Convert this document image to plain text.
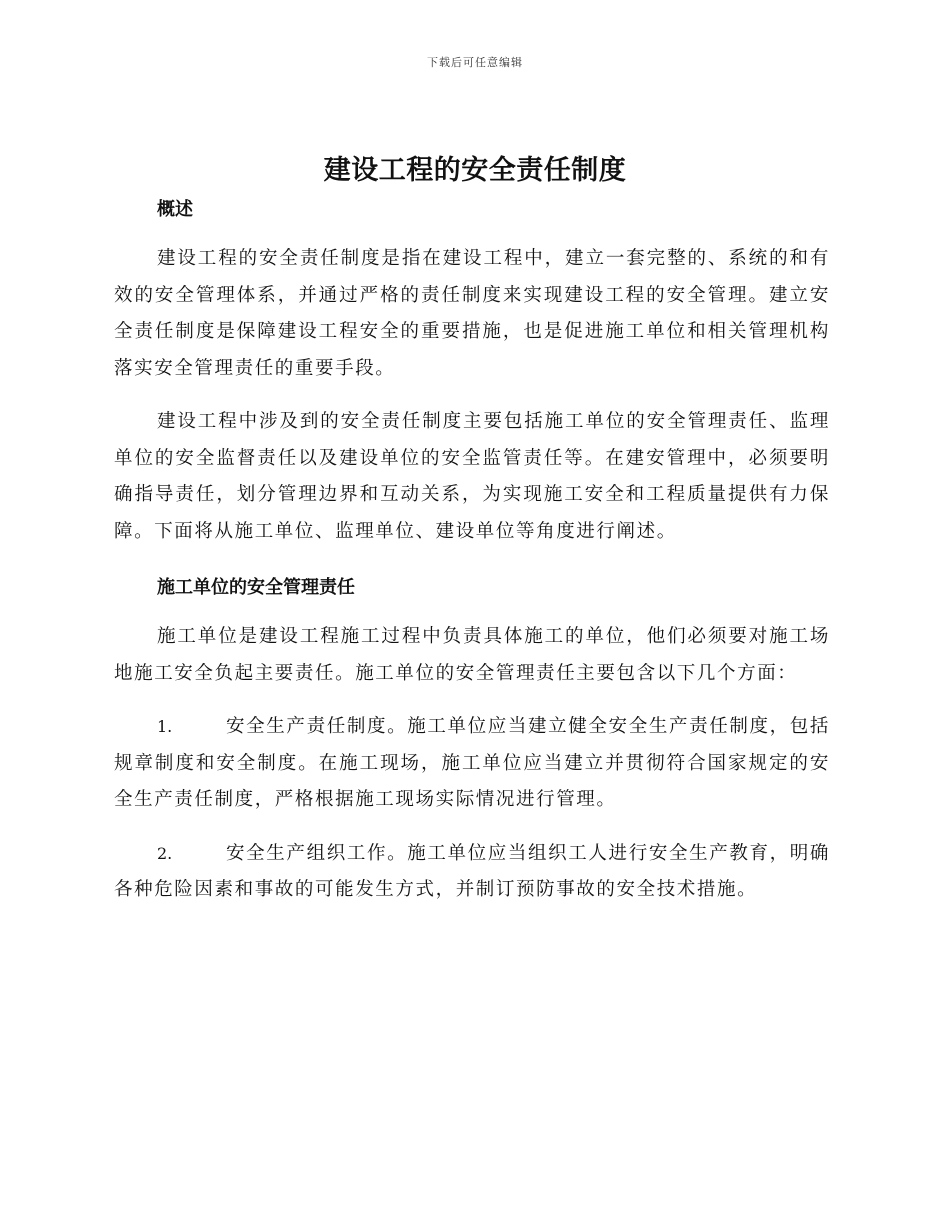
下载后可任意编辑
建设工程的安全责任制度
概述

建设工程的安全责任制度是指在建设工程中，建立一套完整的、系统的和有效的安全管理体系，并通过严格的责任制度来实现建设工程的安全管理。建立安全责任制度是保障建设工程安全的重要措施，也是促进施工单位和相关管理机构落实安全管理责任的重要手段。

建设工程中涉及到的安全责任制度主要包括施工单位的安全管理责任、监理单位的安全监督责任以及建设单位的安全监管责任等。在建安管理中，必须要明确指导责任，划分管理边界和互动关系，为实现施工安全和工程质量提供有力保障。下面将从施工单位、监理单位、建设单位等角度进行阐述。

施工单位的安全管理责任

施工单位是建设工程施工过程中负责具体施工的单位，他们必须要对施工场地施工安全负起主要责任。施工单位的安全管理责任主要包含以下几个方面：

1.	安全生产责任制度。施工单位应当建立健全安全生产责任制度，包括规章制度和安全制度。在施工现场，施工单位应当建立并贯彻符合国家规定的安全生产责任制度，严格根据施工现场实际情况进行管理。

2.	安全生产组织工作。施工单位应当组织工人进行安全生产教育，明确各种危险因素和事故的可能发生方式，并制订预防事故的安全技术措施。
